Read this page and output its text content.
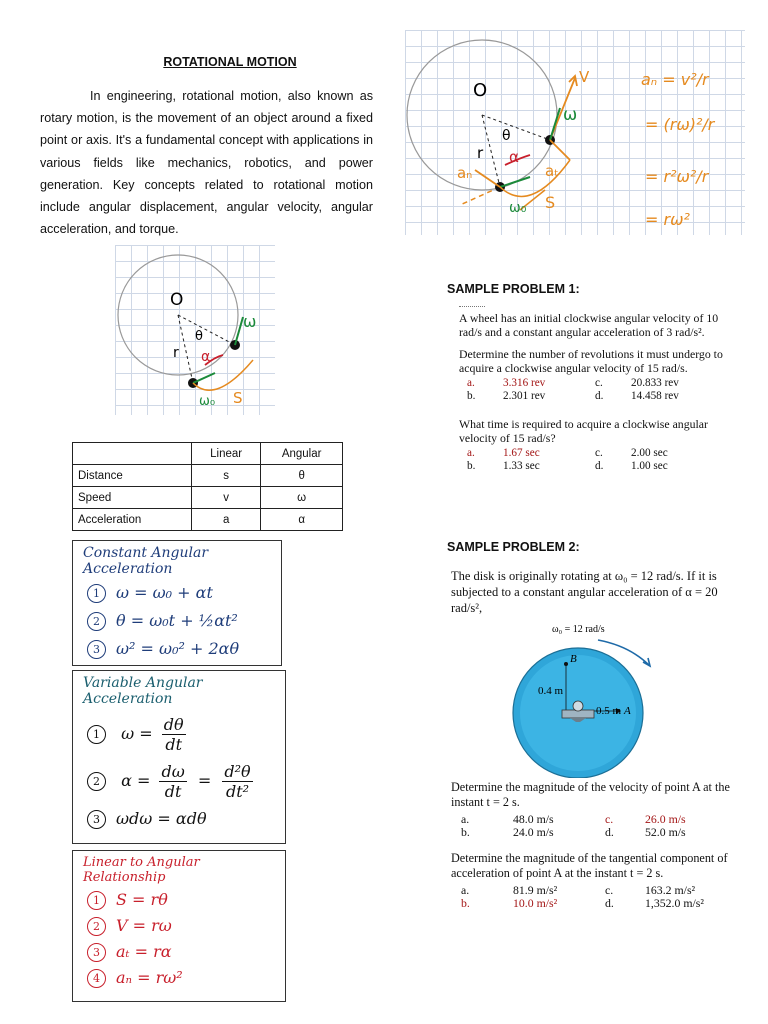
ROTATIONAL MOTION
In engineering, rotational motion, also known as rotary motion, is the movement of an object around a fixed point or axis. It's a fundamental concept with applications in various fields like mechanics, robotics, and power generation. Key concepts related to rotational motion include angular displacement, angular velocity, angular acceleration, and torque.
O
r
θ
α
ω
V
aₙ	aₜ
ω₀ S
aₙ = v²/r
= (rω)²/r
= r²ω²/r
= rω²
O
r
θ
α
ω
ω₀ S
	Linear	Angular
Distance	s	θ
Speed	v	ω
Acceleration	a	α
Constant Angular Acceleration
1 ω = ω₀ + αt
2 θ = ω₀t + ½αt²
3 ω² = ω₀² + 2αθ
Variable Angular Acceleration
1 $\omega = \frac{d\theta}{dt}$
2 $\alpha = \frac{d\omega}{dt} = \frac{\text{d²θ}}{\text{dt²}}$
3 ωdω = αdθ
Linear to Angular Relationship
1 S = rθ
2 V = rω
3 aₜ = rα
4 aₙ = rω²
SAMPLE PROBLEM 1:
A wheel has an initial clockwise angular velocity of 10 rad/s and a constant angular acceleration of 3 rad/s².
Determine the number of revolutions it must undergo to acquire a clockwise angular velocity of 15 rad/s.
a.	3.316 rev	c.	20.833 rev
b.	2.301 rev	d.	14.458 rev
What time is required to acquire a clockwise angular velocity of 15 rad/s?
a.	1.67 sec	c.	2.00 sec
b.	1.33 sec	d.	1.00 sec
SAMPLE PROBLEM 2:
The disk is originally rotating at ω₀ = 12 rad/s. If it is subjected to a constant angular acceleration of α = 20 rad/s²,
ω₀ = 12 rad/s
B
0.4 m
0.5 m A
Determine the magnitude of the velocity of point A at the instant t = 2 s.
a.	48.0 m/s	c.	26.0 m/s
b.	24.0 m/s	d.	52.0 m/s
Determine the magnitude of the tangential component of acceleration of point A at the instant t = 2 s.
a.	81.9 m/s²	c.	163.2 m/s²
b.	10.0 m/s²	d.	1,352.0 m/s²
